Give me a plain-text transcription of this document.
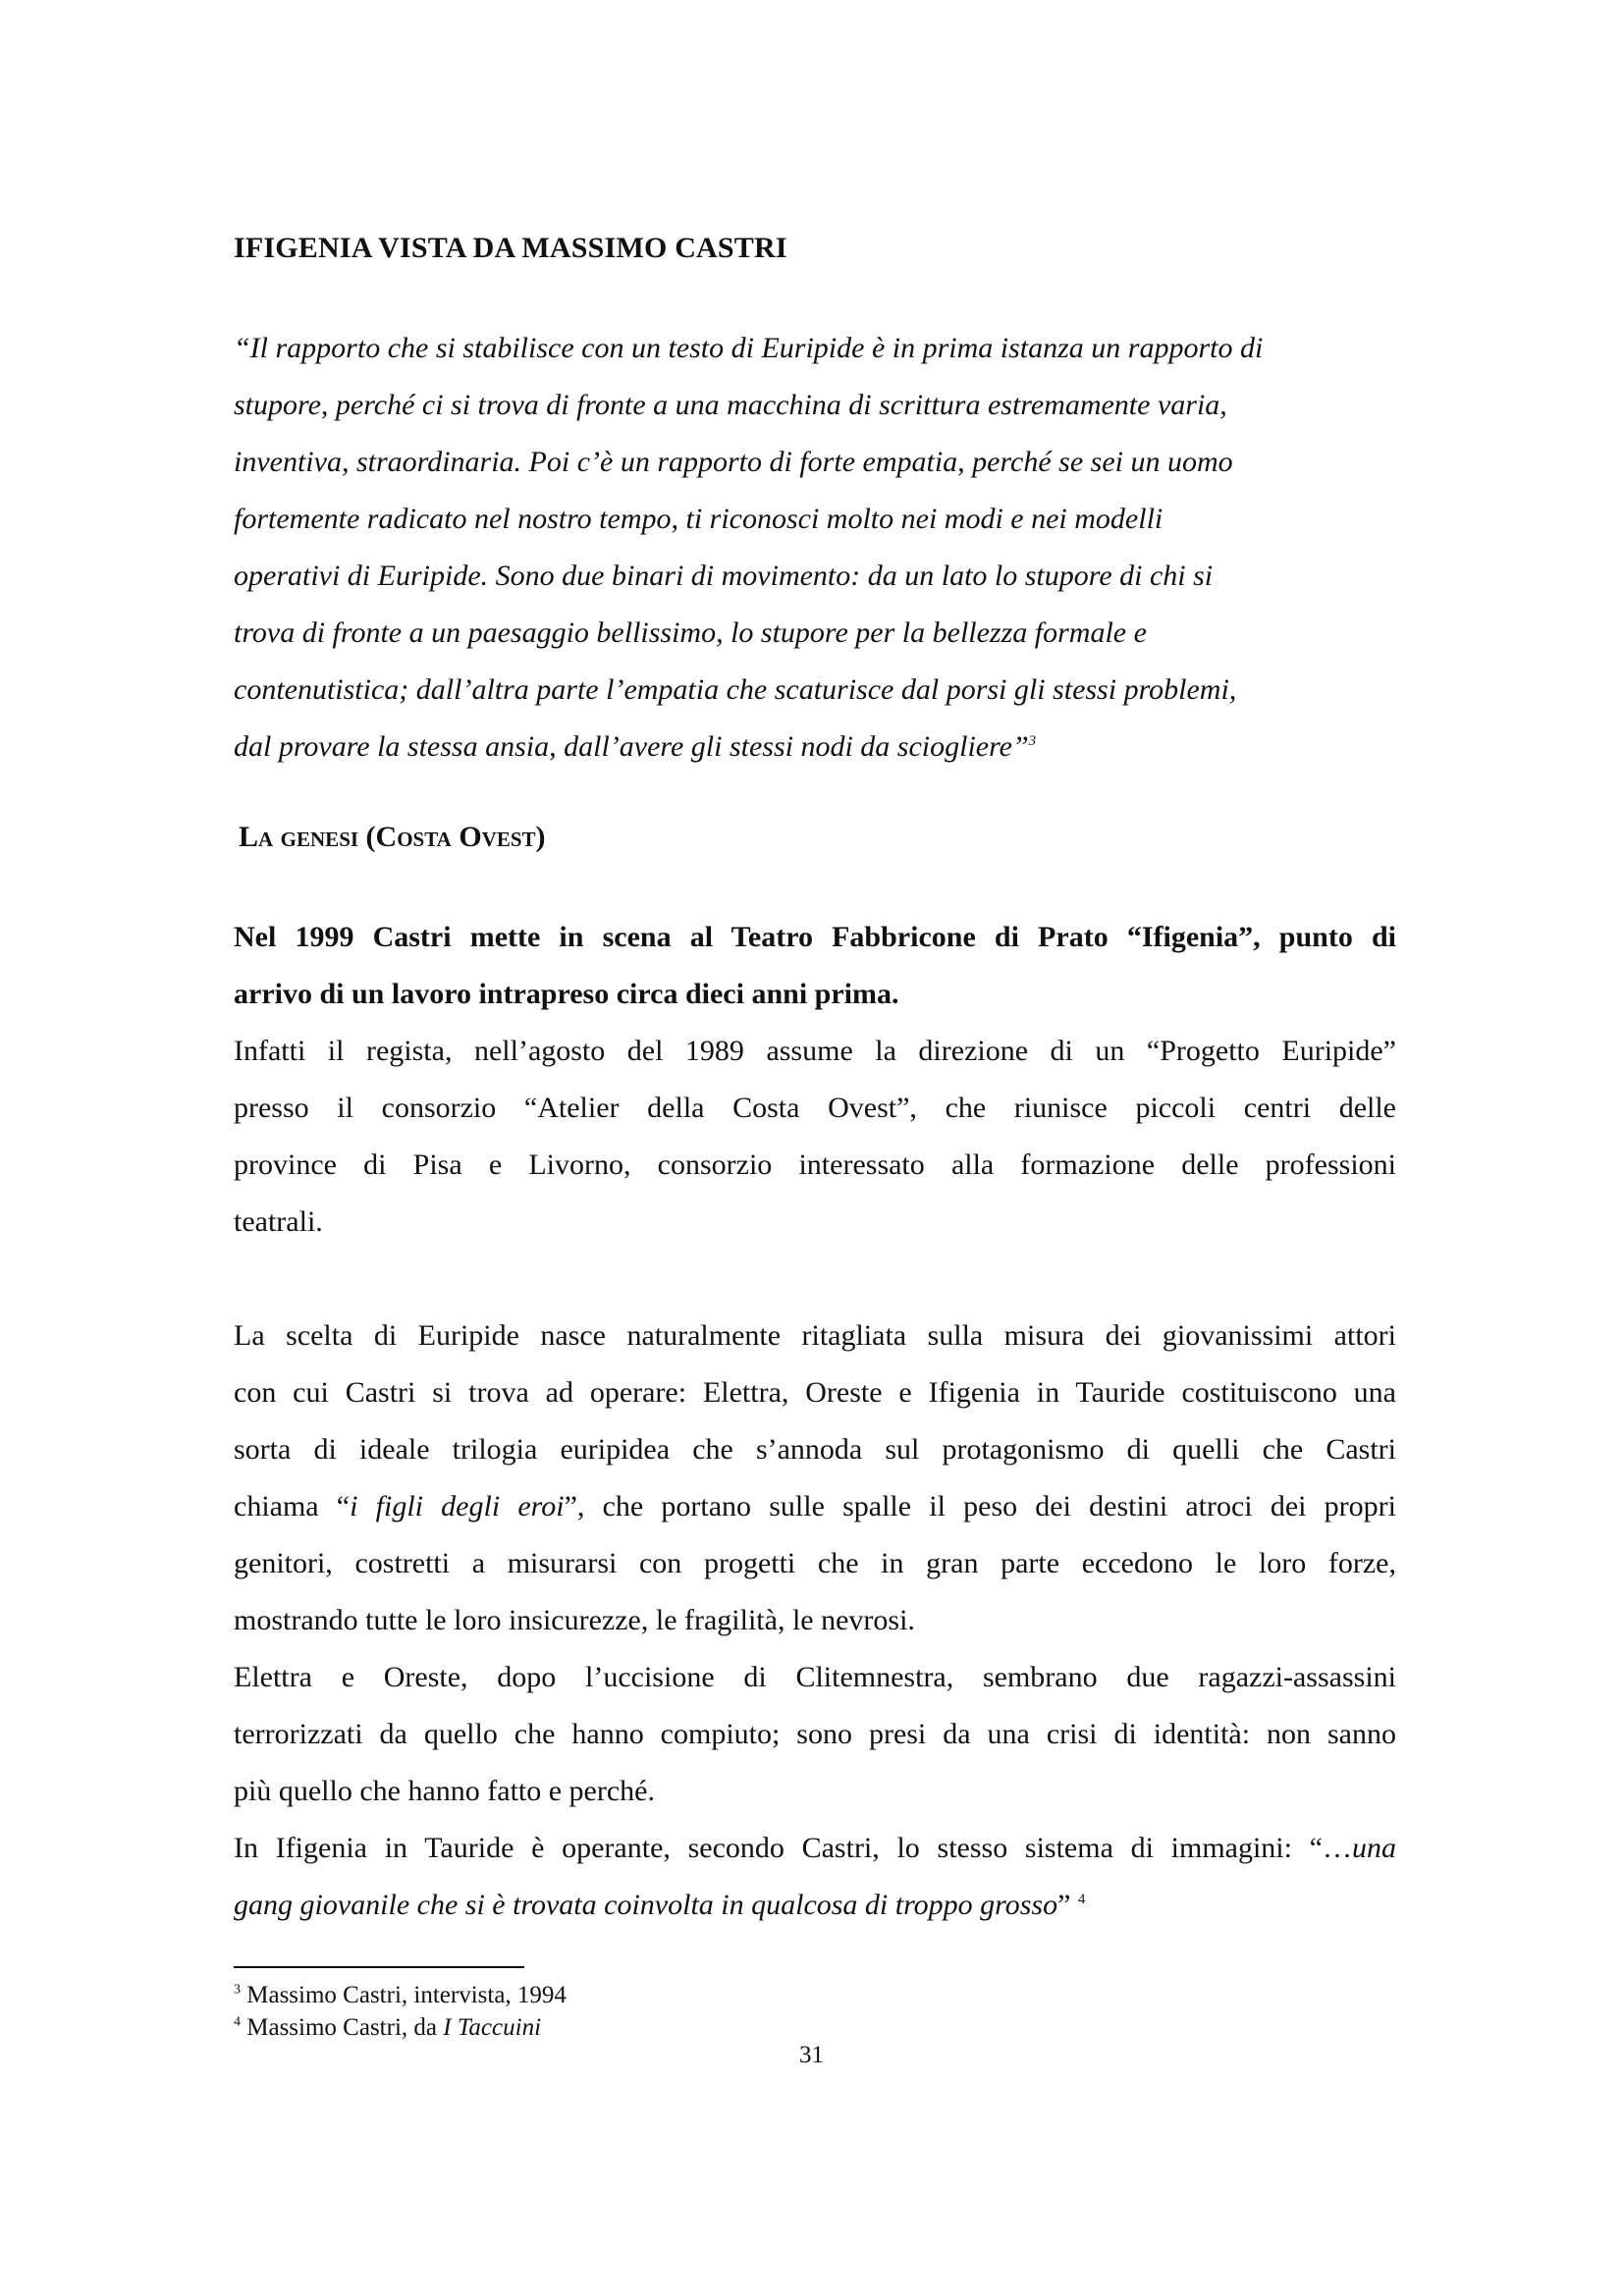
IFIGENIA VISTA DA MASSIMO CASTRI
“Il rapporto che si stabilisce con un testo di Euripide è in prima istanza un rapporto di
stupore, perché ci si trova di fronte a una macchina di scrittura estremamente varia,
inventiva, straordinaria. Poi c’è un rapporto di forte empatia, perché se sei un uomo
fortemente radicato nel nostro tempo, ti riconosci molto nei modi e nei modelli
operativi di Euripide. Sono due binari di movimento: da un lato lo stupore di chi si
trova di fronte a un paesaggio bellissimo, lo stupore per la bellezza formale e
contenutistica; dall’altra parte l’empatia che scaturisce dal porsi gli stessi problemi,
dal provare la stessa ansia, dall’avere gli stessi nodi da sciogliere”$^3$
La genesi (Costa Ovest)
Nel 1999 Castri mette in scena al Teatro Fabbricone di Prato “Ifigenia”, punto di
arrivo di un lavoro intrapreso circa dieci anni prima.
Infatti il regista, nell’agosto del 1989 assume la direzione di un “Progetto Euripide”
presso il consorzio “Atelier della Costa Ovest”, che riunisce piccoli centri delle
province di Pisa e Livorno, consorzio interessato alla formazione delle professioni
teatrali.
La scelta di Euripide nasce naturalmente ritagliata sulla misura dei giovanissimi attori
con cui Castri si trova ad operare: Elettra, Oreste e Ifigenia in Tauride costituiscono una
sorta di ideale trilogia euripidea che s’annoda sul protagonismo di quelli che Castri
chiama “i figli degli eroi”, che portano sulle spalle il peso dei destini atroci dei propri
genitori, costretti a misurarsi con progetti che in gran parte eccedono le loro forze,
mostrando tutte le loro insicurezze, le fragilità, le nevrosi.
Elettra e Oreste, dopo l’uccisione di Clitemnestra, sembrano due ragazzi-assassini
terrorizzati da quello che hanno compiuto; sono presi da una crisi di identità: non sanno
più quello che hanno fatto e perché.
In Ifigenia in Tauride è operante, secondo Castri, lo stesso sistema di immagini: “…una
gang giovanile che si è trovata coinvolta in qualcosa di troppo grosso” $^4$
$^3$ Massimo Castri, intervista, 1994
$^4$ Massimo Castri, da I Taccuini
31
